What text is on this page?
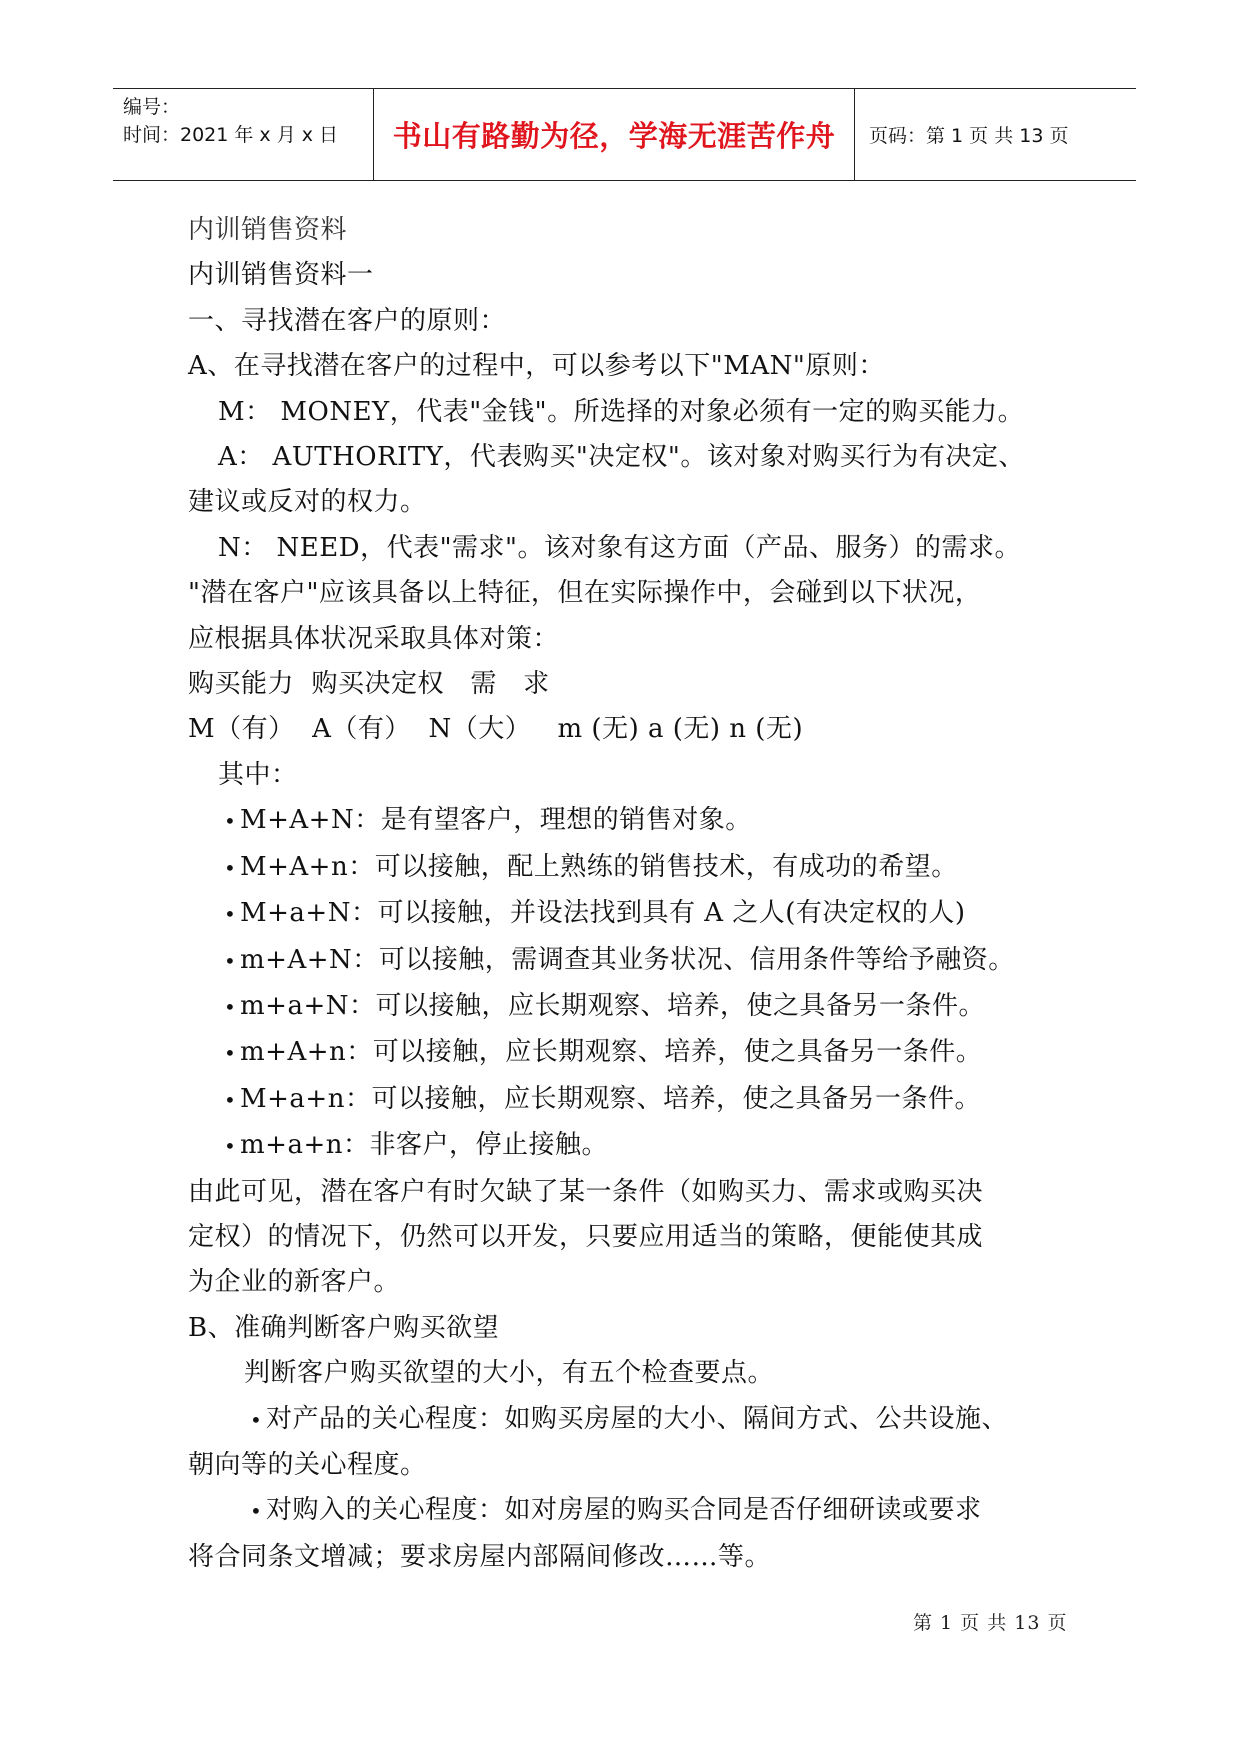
编号：
时间：2021 年 x 月 x 日	书山有路勤为径，学海无涯苦作舟 页码：第 1 页 共 13 页

内训销售资料

内训销售资料一

一、寻找潜在客户的原则：

A、在寻找潜在客户的过程中，可以参考以下"MAN"原则：

M： MONEY，代表"金钱"。所选择的对象必须有一定的购买能力。

A： AUTHORITY，代表购买"决定权"。该对象对购买行为有决定、

建议或反对的权力。

N： NEED，代表"需求"。该对象有这方面（产品、服务）的需求。

"潜在客户"应该具备以上特征，但在实际操作中，会碰到以下状况，

应根据具体状况采取具体对策：

购买能力  购买决定权   需   求

M（有）  A（有）  N（大）   m (无) a (无) n (无)

其中：

• M+A+N：是有望客户，理想的销售对象。

• M+A+n：可以接触，配上熟练的销售技术，有成功的希望。

• M+a+N：可以接触，并设法找到具有 A 之人(有决定权的人)

• m+A+N：可以接触，需调查其业务状况、信用条件等给予融资。

• m+a+N：可以接触，应长期观察、培养，使之具备另一条件。

• m+A+n：可以接触，应长期观察、培养，使之具备另一条件。

• M+a+n：可以接触，应长期观察、培养，使之具备另一条件。

• m+a+n：非客户，停止接触。

由此可见，潜在客户有时欠缺了某一条件（如购买力、需求或购买决

定权）的情况下，仍然可以开发，只要应用适当的策略，便能使其成

为企业的新客户。

B、准确判断客户购买欲望

判断客户购买欲望的大小，有五个检查要点。

• 对产品的关心程度：如购买房屋的大小、隔间方式、公共设施、

朝向等的关心程度。

• 对购入的关心程度：如对房屋的购买合同是否仔细研读或要求

将合同条文增减；要求房屋内部隔间修改……等。

第 1 页 共 13 页
